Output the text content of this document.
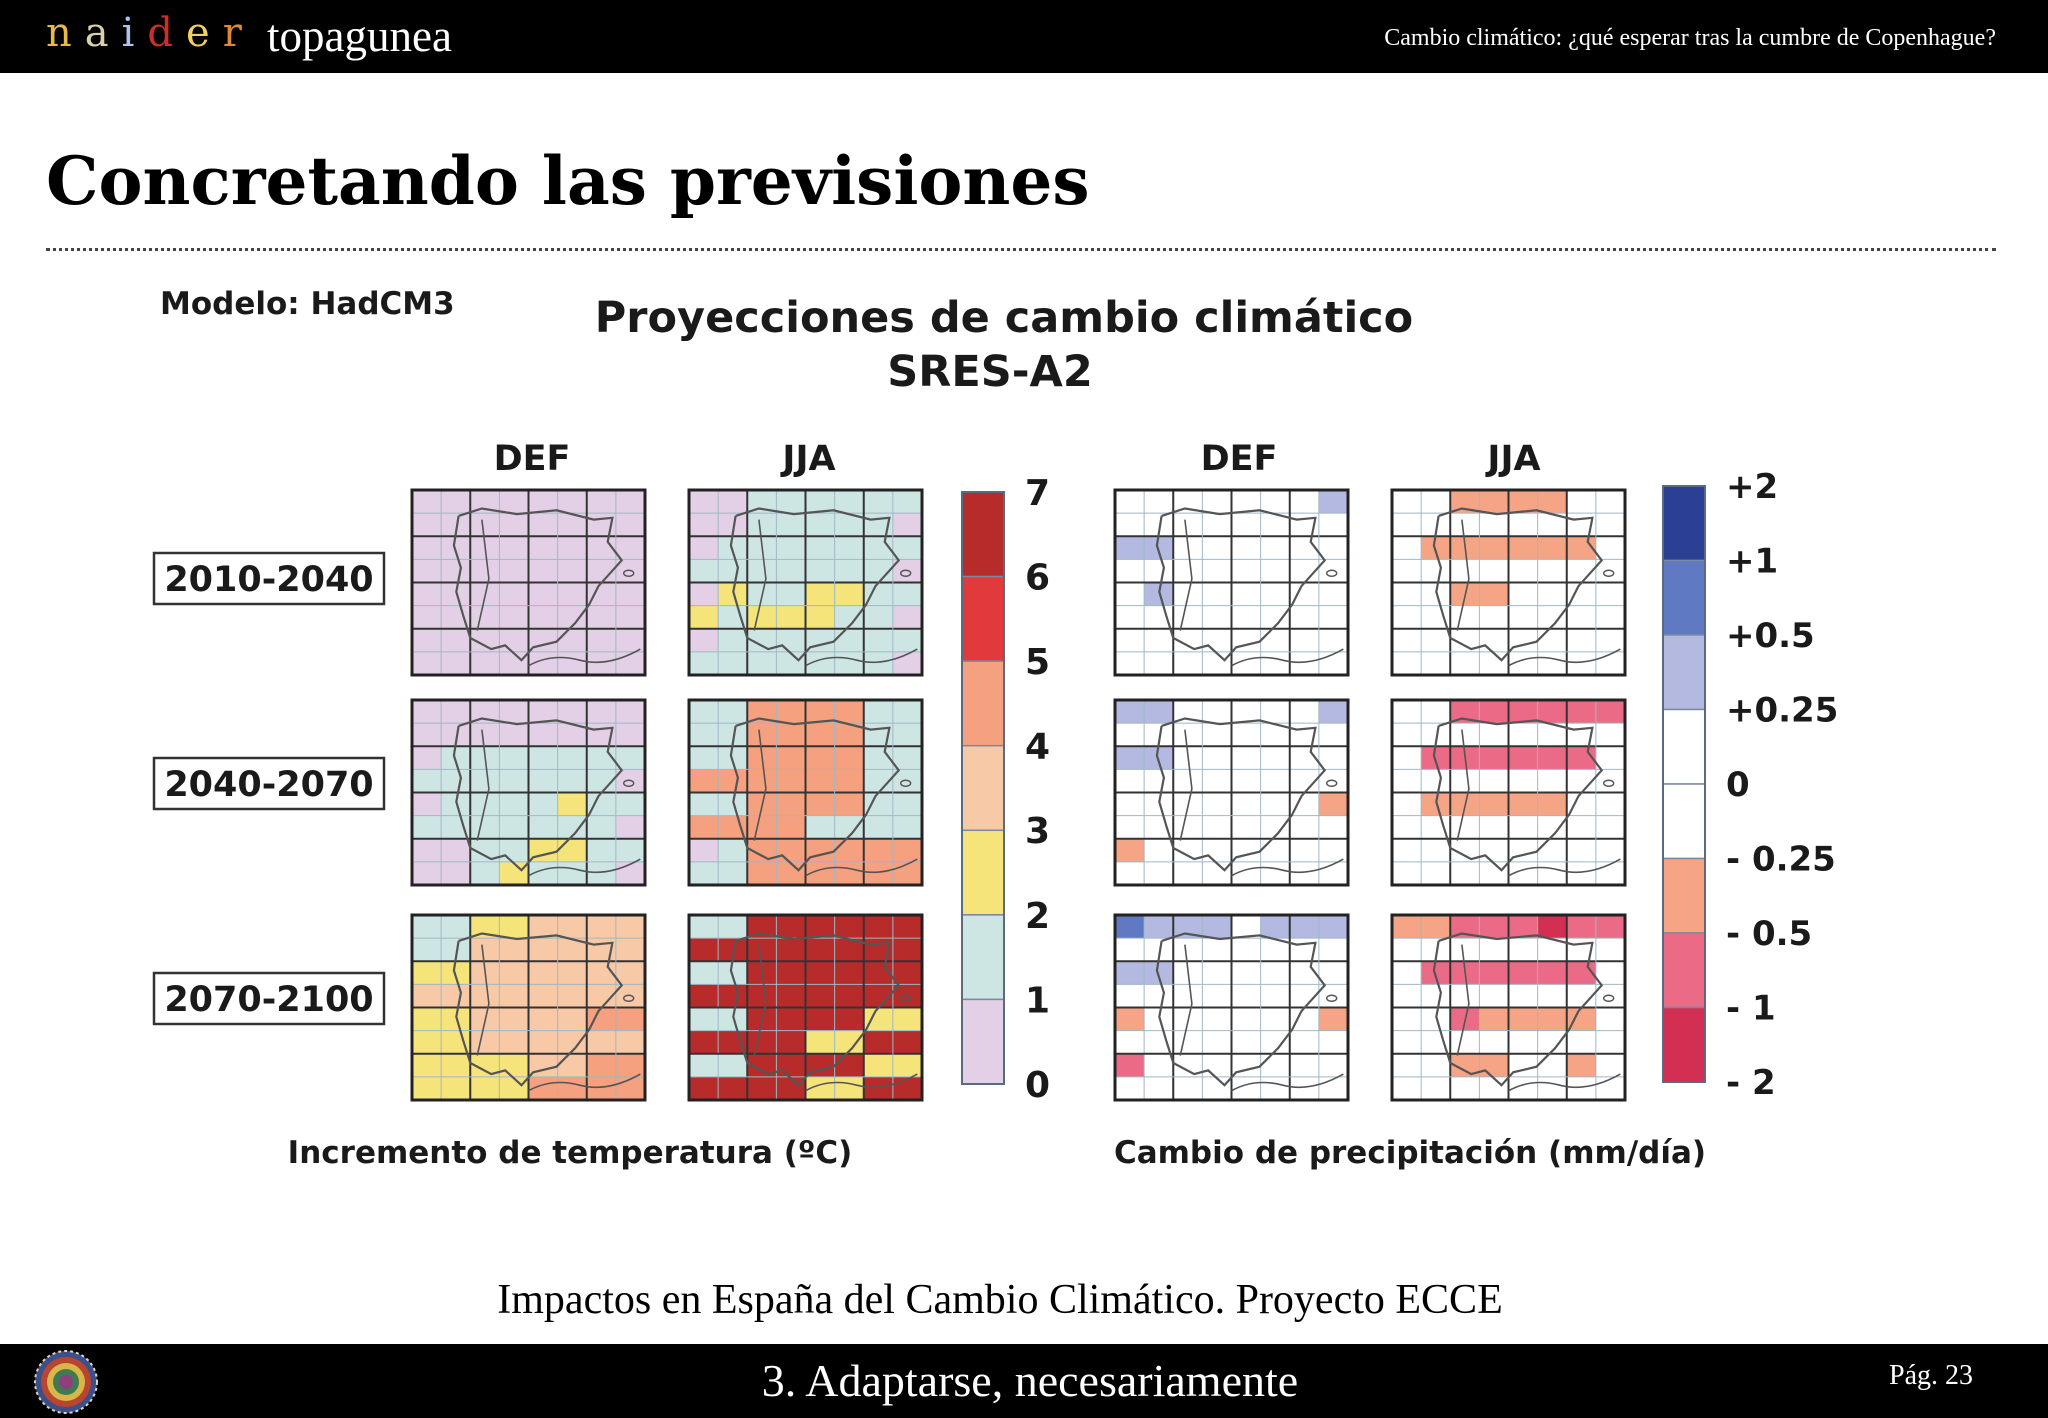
naider topagunea	Cambio climático: ¿qué esperar tras la cumbre de Copenhague?
Concretando las previsiones
Modelo: HadCM3	Proyecciones de cambio climático
SRES-A2
DEF	JJA	DEF	JJA
2010-2040
2040-2070
2070-2100
7
6
5
4
3
2
1
0
+2
+1
+0.5
+0.25
0
- 0.25
- 0.5
- 1
- 2
Incremento de temperatura (ºC)	Cambio de precipitación (mm/día)
Impactos en España del Cambio Climático. Proyecto ECCE
3. Adaptarse, necesariamente	Pág. 23
